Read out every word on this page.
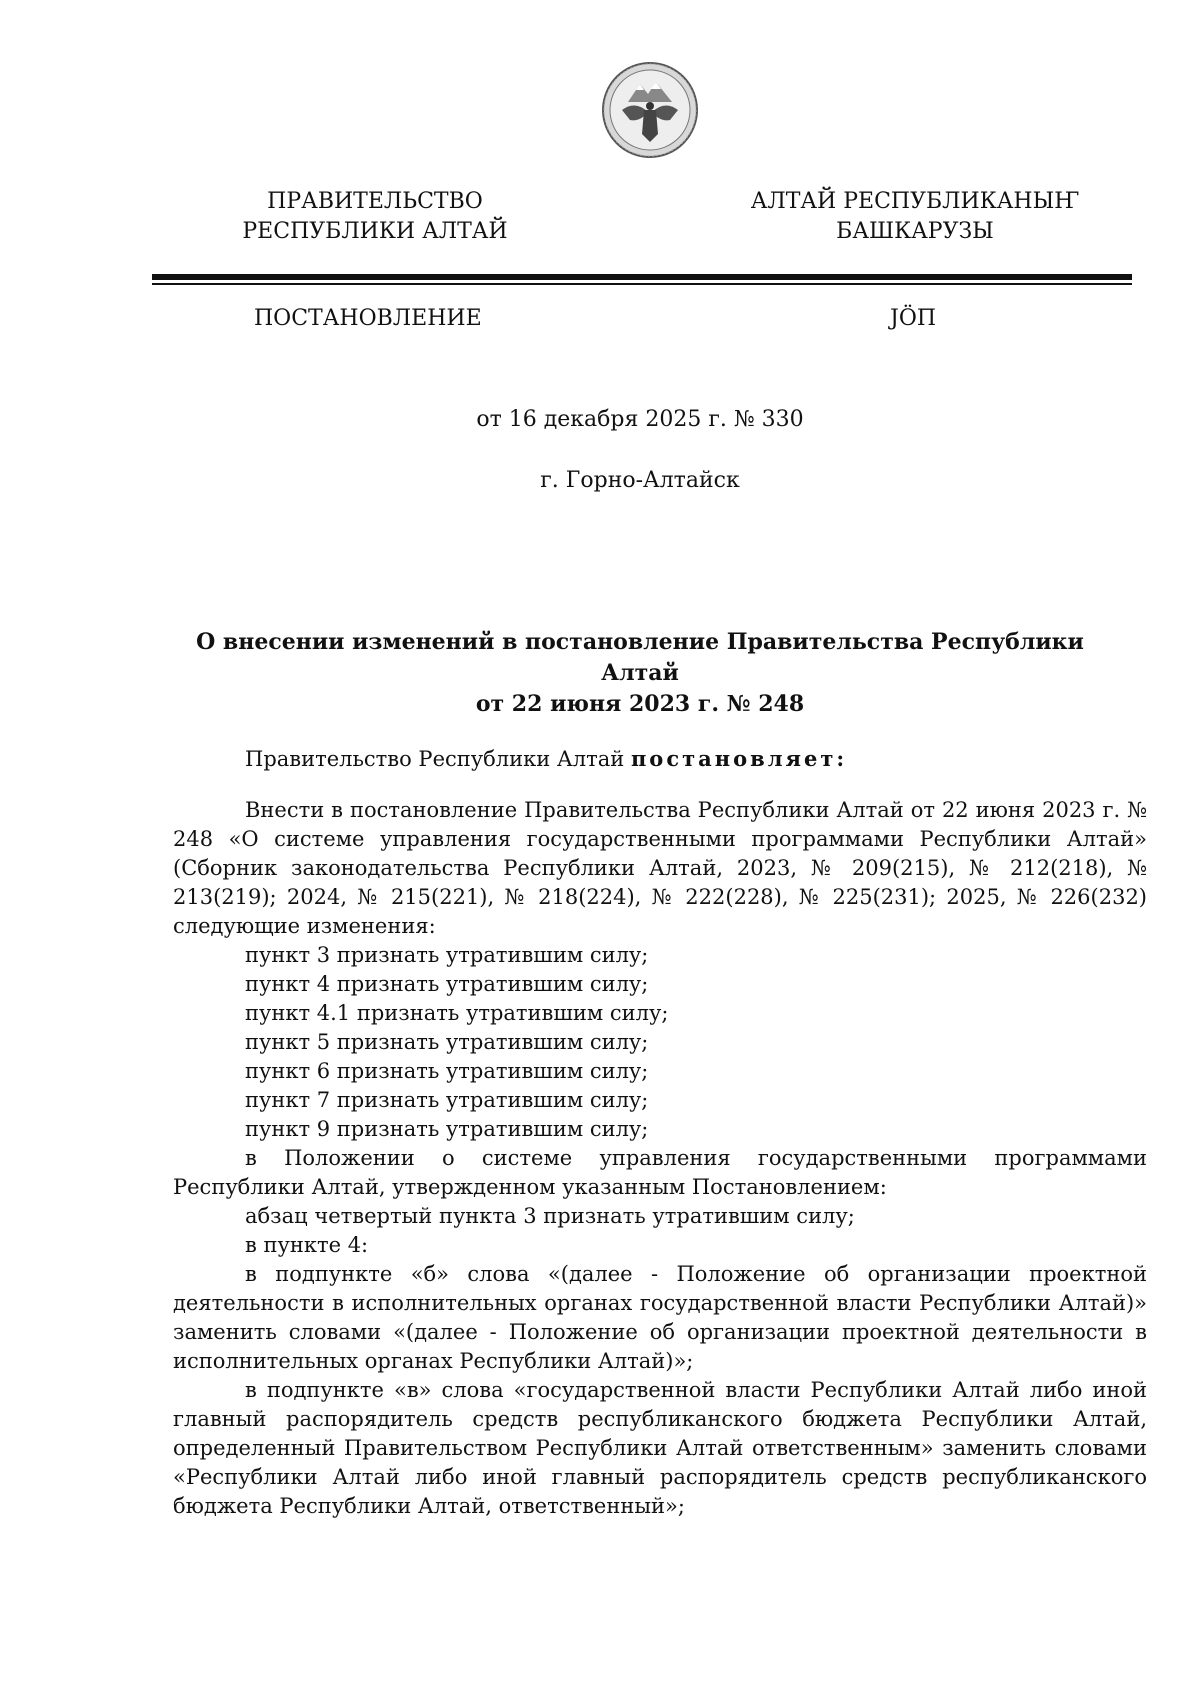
ПРАВИТЕЛЬСТВО
РЕСПУБЛИКИ АЛТАЙ
АЛТАЙ РЕСПУБЛИКАНЫҤ
БАШКАРУЗЫ
ПОСТАНОВЛЕНИЕ	JӦП
от 16 декабря 2025 г. № 330
г. Горно-Алтайск
О внесении изменений в постановление Правительства Республики Алтай
от 22 июня 2023 г. № 248

Правительство Республики Алтай постановляет:

Внести в постановление Правительства Республики Алтай от 22 июня 2023 г. № 248 «О системе управления государственными программами Республики Алтай» (Сборник законодательства Республики Алтай, 2023, № 209(215), № 212(218), № 213(219); 2024, № 215(221), № 218(224), № 222(228), № 225(231); 2025, № 226(232) следующие изменения:

пункт 3 признать утратившим силу;

пункт 4 признать утратившим силу;

пункт 4.1 признать утратившим силу;

пункт 5 признать утратившим силу;

пункт 6 признать утратившим силу;

пункт 7 признать утратившим силу;

пункт 9 признать утратившим силу;

в Положении о системе управления государственными программами Республики Алтай, утвержденном указанным Постановлением:

абзац четвертый пункта 3 признать утратившим силу;

в пункте 4:

в подпункте «б» слова «(далее - Положение об организации проектной деятельности в исполнительных органах государственной власти Республики Алтай)» заменить словами «(далее - Положение об организации проектной деятельности в исполнительных органах Республики Алтай)»;

в подпункте «в» слова «государственной власти Республики Алтай либо иной главный распорядитель средств республиканского бюджета Республики Алтай, определенный Правительством Республики Алтай ответственным» заменить словами «Республики Алтай либо иной главный распорядитель средств республиканского бюджета Республики Алтай, ответственный»;
